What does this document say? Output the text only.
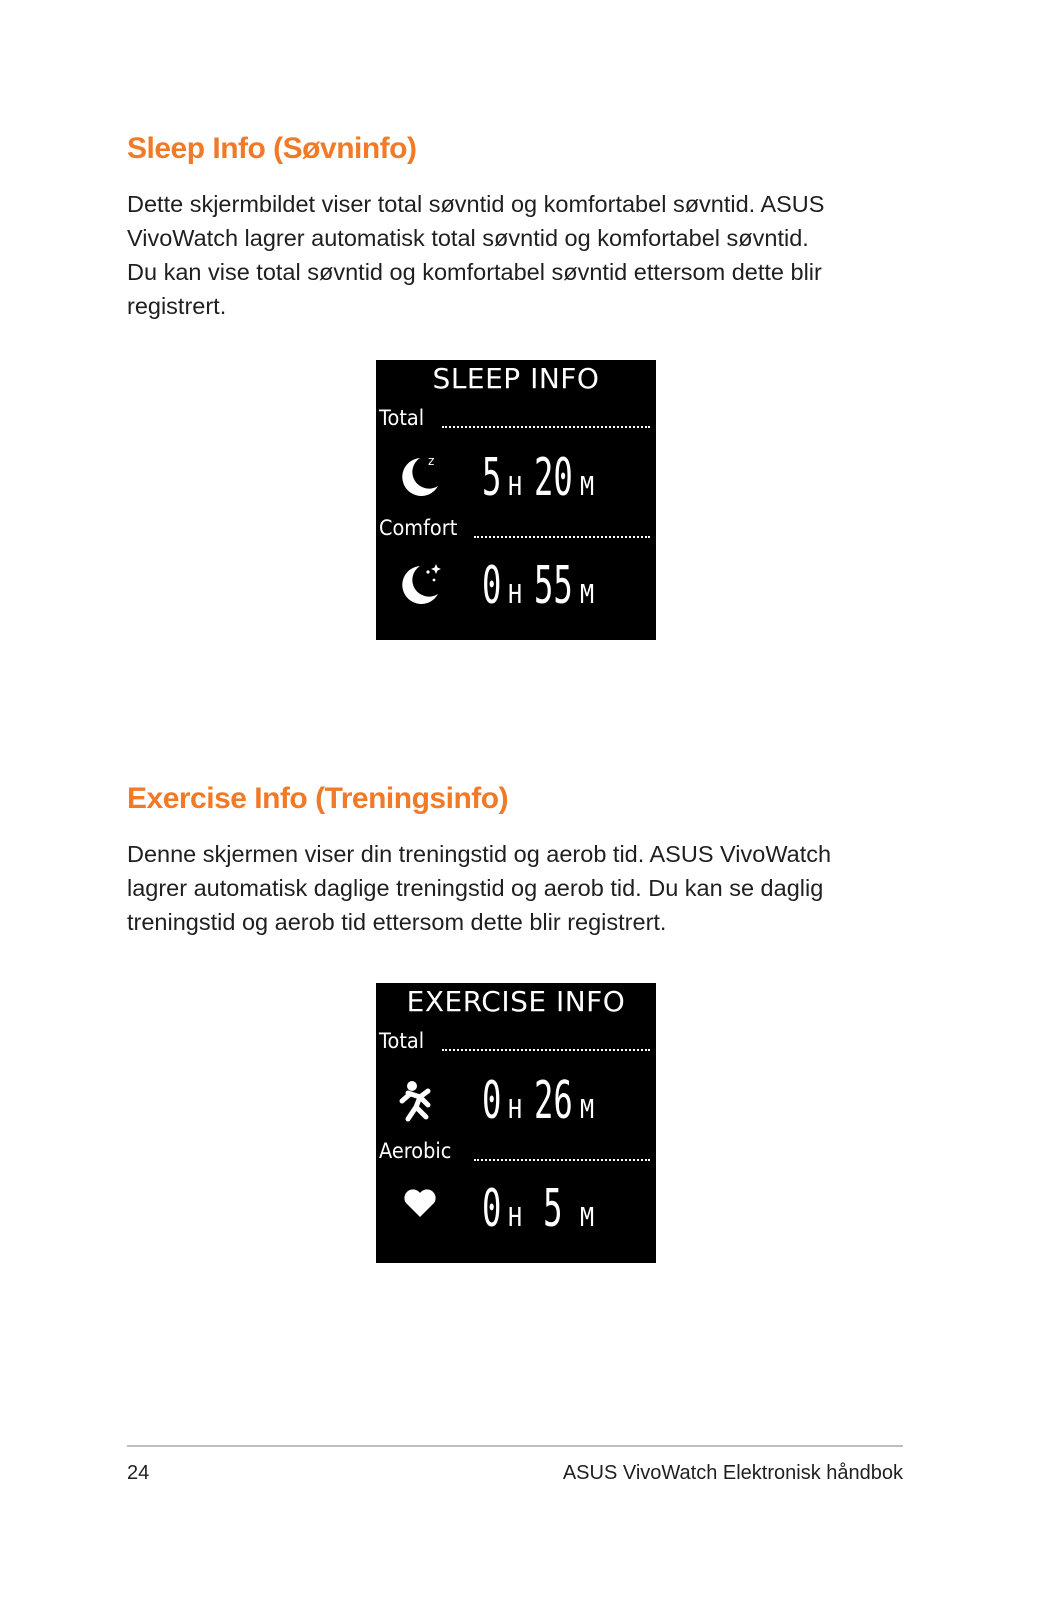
Sleep Info (Søvninfo)

Dette skjermbildet viser total søvntid og komfortabel søvntid. ASUS
VivoWatch lagrer automatisk total søvntid og komfortabel søvntid.
Du kan vise total søvntid og komfortabel søvntid ettersom dette blir
registrert.

SLEEP INFO
Total
z 5 H 20 M
Comfort
0 H 55 M
Exercise Info (Treningsinfo)

Denne skjermen viser din treningstid og aerob tid. ASUS VivoWatch
lagrer automatisk daglige treningstid og aerob tid. Du kan se daglig
treningstid og aerob tid ettersom dette blir registrert.

EXERCISE INFO
Total
0 H 26 M
Aerobic
0 H 5 M
24	ASUS VivoWatch Elektronisk håndbok
